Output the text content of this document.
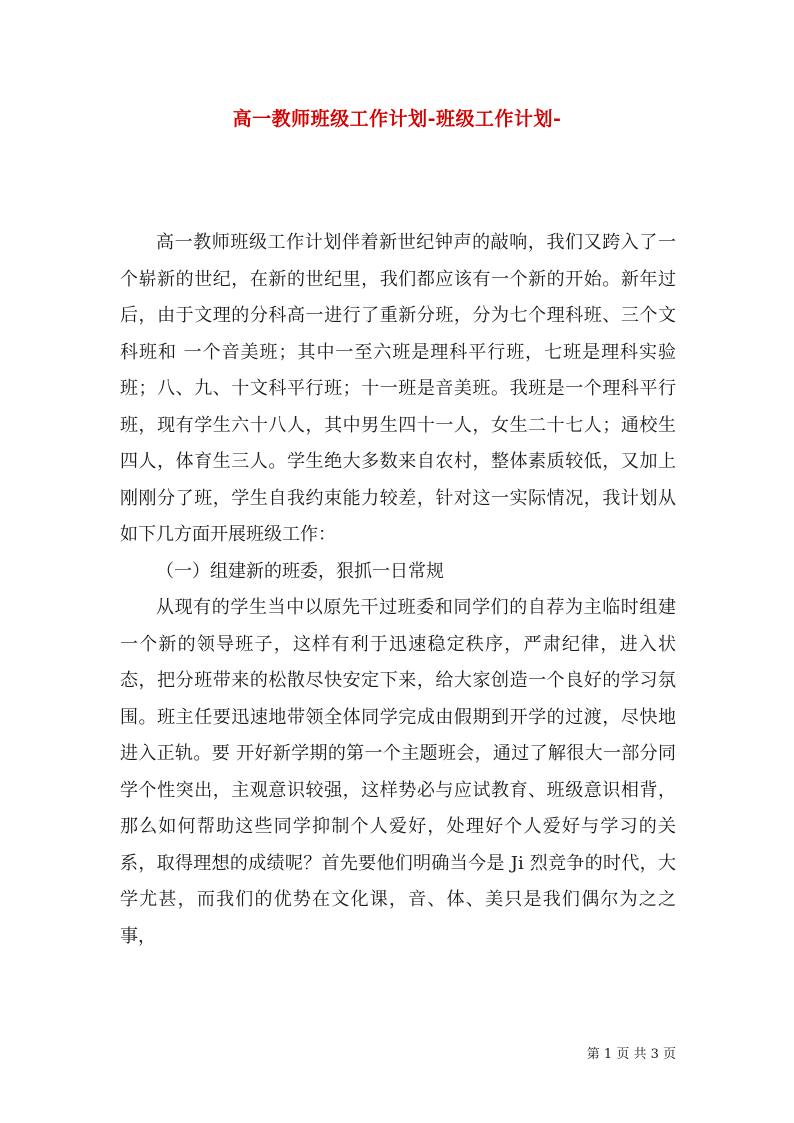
高一教师班级工作计划-班级工作计划-

高一教师班级工作计划伴着新世纪钟声的敲响，我们又跨入了一个崭新的世纪，在新的世纪里，我们都应该有一个新的开始。新年过后，由于文理的分科高一进行了重新分班，分为七个理科班、三个文科班和 一个音美班；其中一至六班是理科平行班，七班是理科实验班；八、九、十文科平行班；十一班是音美班。我班是一个理科平行班，现有学生六十八人，其中男生四十一人，女生二十七人；通校生四人，体育生三人。学生绝大多数来自农村，整体素质较低，又加上刚刚分了班，学生自我约束能力较差，针对这一实际情况，我计划从如下几方面开展班级工作：

（一）组建新的班委，狠抓一日常规

从现有的学生当中以原先干过班委和同学们的自荐为主临时组建一个新的领导班子，这样有利于迅速稳定秩序，严肃纪律，进入状态，把分班带来的松散尽快安定下来，给大家创造一个良好的学习氛围。班主任要迅速地带领全体同学完成由假期到开学的过渡，尽快地进入正轨。要 开好新学期的第一个主题班会，通过了解很大一部分同学个性突出，主观意识较强，这样势必与应试教育、班级意识相背，那么如何帮助这些同学抑制个人爱好，处理好个人爱好与学习的关系，取得理想的成绩呢？首先要他们明确当今是 Ji 烈竞争的时代，大学尤甚，而我们的优势在文化课，音、体、美只是我们偶尔为之之事，

第 1 页 共 3 页
